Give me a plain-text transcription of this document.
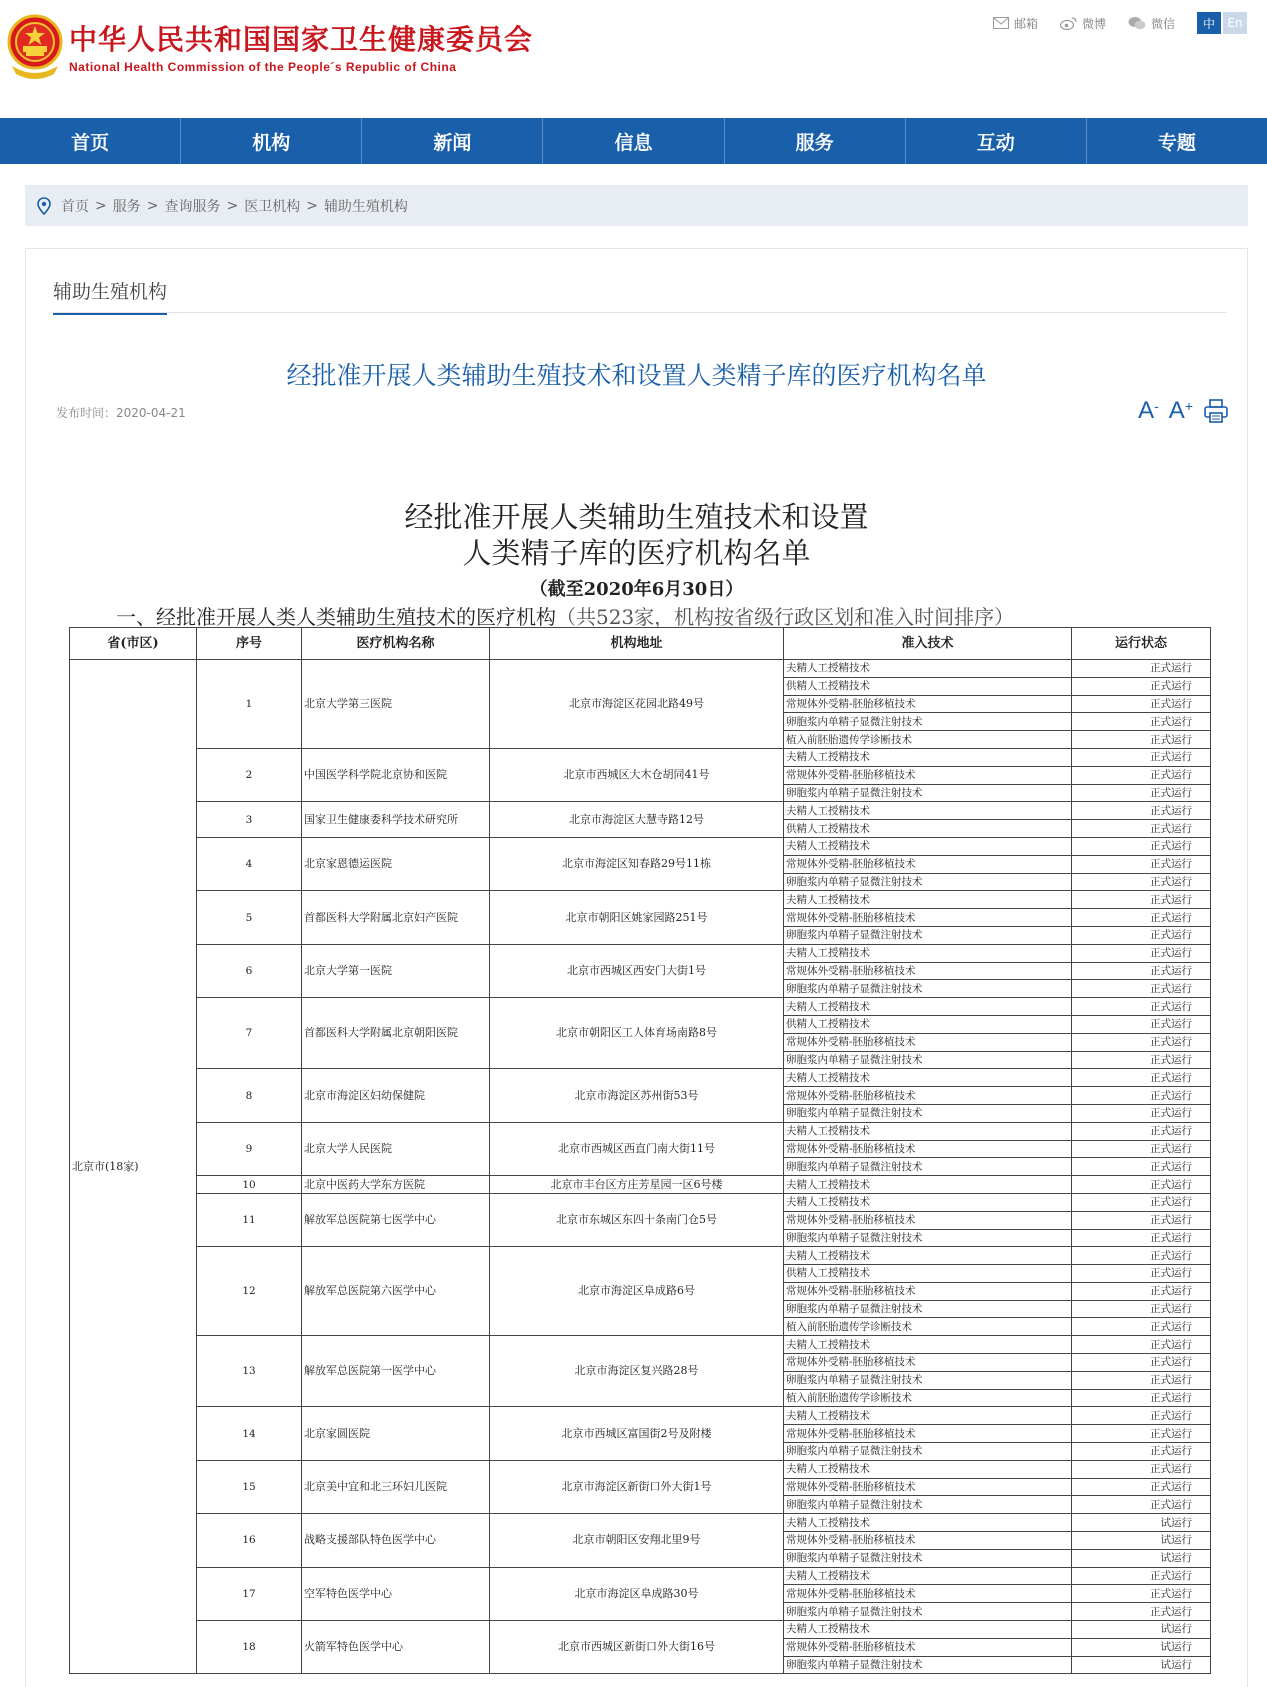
中华人民共和国国家卫生健康委员会
National Health Commission of the People´s Republic of China
邮箱	微博	微信	中	En
首页	机构	新闻	信息	服务	互动	专题
首页 > 服务 > 查询服务 > 医卫机构 > 辅助生殖机构
辅助生殖机构
经批准开展人类辅助生殖技术和设置人类精子库的医疗机构名单
发布时间：2020-04-21	A- A+
经批准开展人类辅助生殖技术和设置
人类精子库的医疗机构名单
（截至2020年6月30日）
一、经批准开展人类人类辅助生殖技术的医疗机构（共523家，机构按省级行政区划和准入时间排序）
省(市区)	序号	医疗机构名称	机构地址	准入技术	运行状态
北京市(18家)	1	北京大学第三医院	北京市海淀区花园北路49号	夫精人工授精技术	正式运行
				供精人工授精技术	正式运行
				常规体外受精-胚胎移植技术	正式运行
				卵胞浆内单精子显微注射技术	正式运行
				植入前胚胎遗传学诊断技术	正式运行
	2	中国医学科学院北京协和医院	北京市西城区大木仓胡同41号	夫精人工授精技术	正式运行
				常规体外受精-胚胎移植技术	正式运行
				卵胞浆内单精子显微注射技术	正式运行
	3	国家卫生健康委科学技术研究所	北京市海淀区大慧寺路12号	夫精人工授精技术	正式运行
				供精人工授精技术	正式运行
	4	北京家恩德运医院	北京市海淀区知春路29号11栋	夫精人工授精技术	正式运行
				常规体外受精-胚胎移植技术	正式运行
				卵胞浆内单精子显微注射技术	正式运行
	5	首都医科大学附属北京妇产医院	北京市朝阳区姚家园路251号	夫精人工授精技术	正式运行
				常规体外受精-胚胎移植技术	正式运行
				卵胞浆内单精子显微注射技术	正式运行
	6	北京大学第一医院	北京市西城区西安门大街1号	夫精人工授精技术	正式运行
				常规体外受精-胚胎移植技术	正式运行
				卵胞浆内单精子显微注射技术	正式运行
	7	首都医科大学附属北京朝阳医院	北京市朝阳区工人体育场南路8号	夫精人工授精技术	正式运行
				供精人工授精技术	正式运行
				常规体外受精-胚胎移植技术	正式运行
				卵胞浆内单精子显微注射技术	正式运行
	8	北京市海淀区妇幼保健院	北京市海淀区苏州街53号	夫精人工授精技术	正式运行
				常规体外受精-胚胎移植技术	正式运行
				卵胞浆内单精子显微注射技术	正式运行
	9	北京大学人民医院	北京市西城区西直门南大街11号	夫精人工授精技术	正式运行
				常规体外受精-胚胎移植技术	正式运行
				卵胞浆内单精子显微注射技术	正式运行
	10	北京中医药大学东方医院	北京市丰台区方庄芳星园一区6号楼	夫精人工授精技术	正式运行
	11	解放军总医院第七医学中心	北京市东城区东四十条南门仓5号	夫精人工授精技术	正式运行
				常规体外受精-胚胎移植技术	正式运行
				卵胞浆内单精子显微注射技术	正式运行
	12	解放军总医院第六医学中心	北京市海淀区阜成路6号	夫精人工授精技术	正式运行
				供精人工授精技术	正式运行
				常规体外受精-胚胎移植技术	正式运行
				卵胞浆内单精子显微注射技术	正式运行
				植入前胚胎遗传学诊断技术	正式运行
	13	解放军总医院第一医学中心	北京市海淀区复兴路28号	夫精人工授精技术	正式运行
				常规体外受精-胚胎移植技术	正式运行
				卵胞浆内单精子显微注射技术	正式运行
				植入前胚胎遗传学诊断技术	正式运行
	14	北京家圆医院	北京市西城区富国街2号及附楼	夫精人工授精技术	正式运行
				常规体外受精-胚胎移植技术	正式运行
				卵胞浆内单精子显微注射技术	正式运行
	15	北京美中宜和北三环妇儿医院	北京市海淀区新街口外大街1号	夫精人工授精技术	正式运行
				常规体外受精-胚胎移植技术	正式运行
				卵胞浆内单精子显微注射技术	正式运行
	16	战略支援部队特色医学中心	北京市朝阳区安翔北里9号	夫精人工授精技术	试运行
				常规体外受精-胚胎移植技术	试运行
				卵胞浆内单精子显微注射技术	试运行
	17	空军特色医学中心	北京市海淀区阜成路30号	夫精人工授精技术	正式运行
				常规体外受精-胚胎移植技术	正式运行
				卵胞浆内单精子显微注射技术	正式运行
	18	火箭军特色医学中心	北京市西城区新街口外大街16号	夫精人工授精技术	试运行
				常规体外受精-胚胎移植技术	试运行
				卵胞浆内单精子显微注射技术	试运行
